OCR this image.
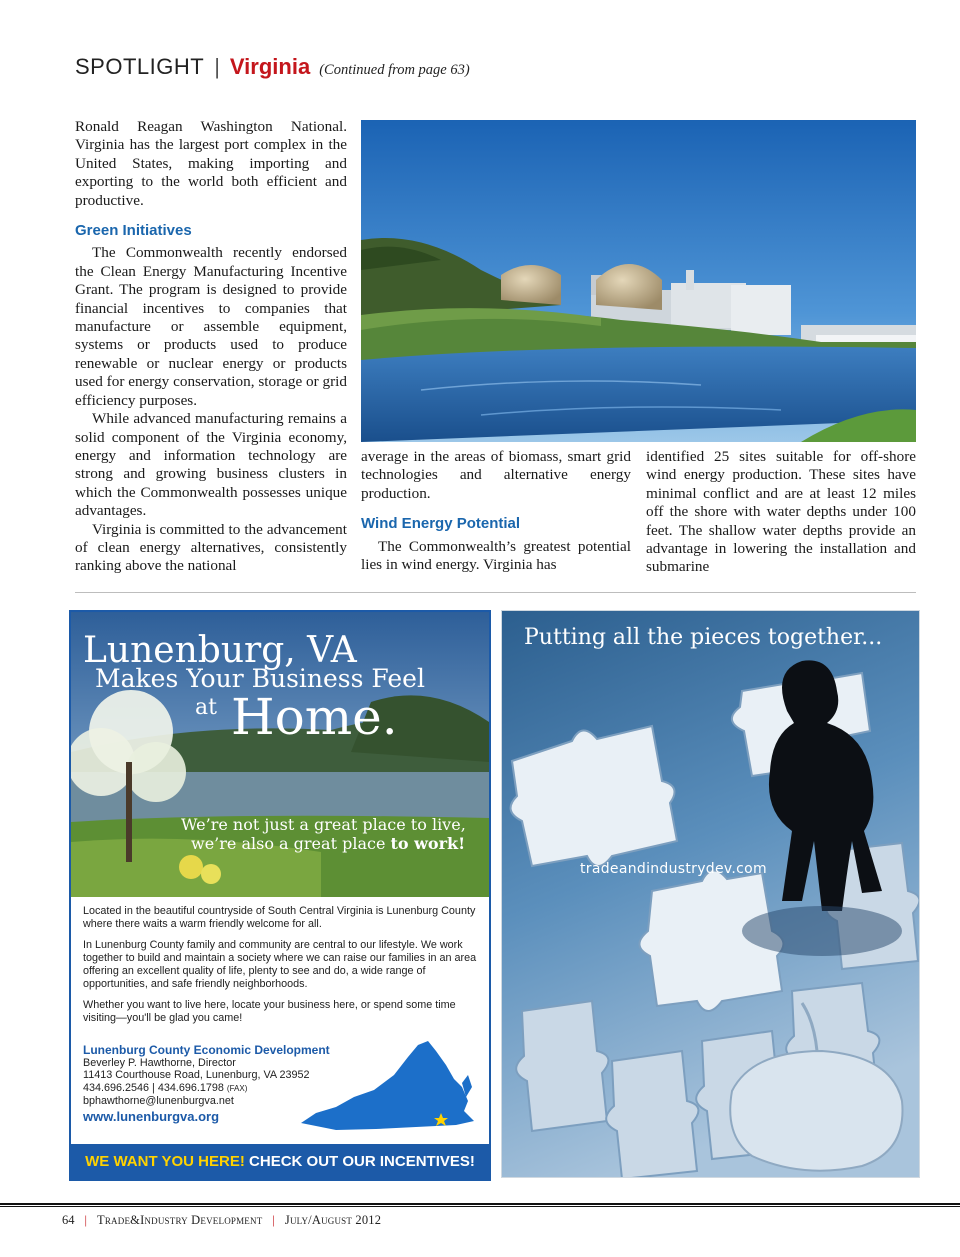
SPOTLIGHT | Virginia (Continued from page 63)

Ronald Reagan Washington National. Virginia has the largest port complex in the United States, making importing and exporting to the world both efficient and productive.

Green Initiatives

The Commonwealth recently endorsed the Clean Energy Manufacturing Incentive Grant. The program is designed to provide financial incentives to companies that manufacture or assemble equipment, systems or products used to produce renewable or nuclear energy or products used for energy conservation, storage or grid efficiency purposes.

While advanced manufacturing remains a solid component of the Virginia economy, energy and information technology are strong and growing business clusters in which the Commonwealth possesses unique advantages.

Virginia is committed to the advancement of clean energy alternatives, consistently ranking above the national

average in the areas of biomass, smart grid technologies and alternative energy production.

Wind Energy Potential

The Commonwealth’s greatest potential lies in wind energy. Virginia has

identified 25 sites suitable for off-shore wind energy production. These sites have minimal conflict and are at least 12 miles off the shore with water depths under 100 feet. The shallow water depths provide an advantage in lowering the installation and submarine

Lunenburg, VA
Makes Your Business Feel
at Home.
We’re not just a great place to live,
we’re also a great place to work!

Located in the beautiful countryside of South Central Virginia is Lunenburg County where there waits a warm friendly welcome for all.

In Lunenburg County family and community are central to our lifestyle. We work together to build and maintain a society where we can raise our families in an area offering an excellent quality of life, plenty to see and do, a wide range of opportunities, and safe friendly neighborhoods.

Whether you want to live here, locate your business here, or spend some time visiting—you'll be glad you came!

Lunenburg County Economic Development
Beverley P. Hawthorne, Director
11413 Courthouse Road, Lunenburg, VA 23952
434.696.2546 | 434.696.1798 (FAX)
bphawthorne@lunenburgva.net
www.lunenburgva.org
WE WANT YOU HERE! CHECK OUT OUR INCENTIVES!
Putting all the pieces together...
tradeandindustrydev.com
64 | Trade&Industry Development | July/August 2012
